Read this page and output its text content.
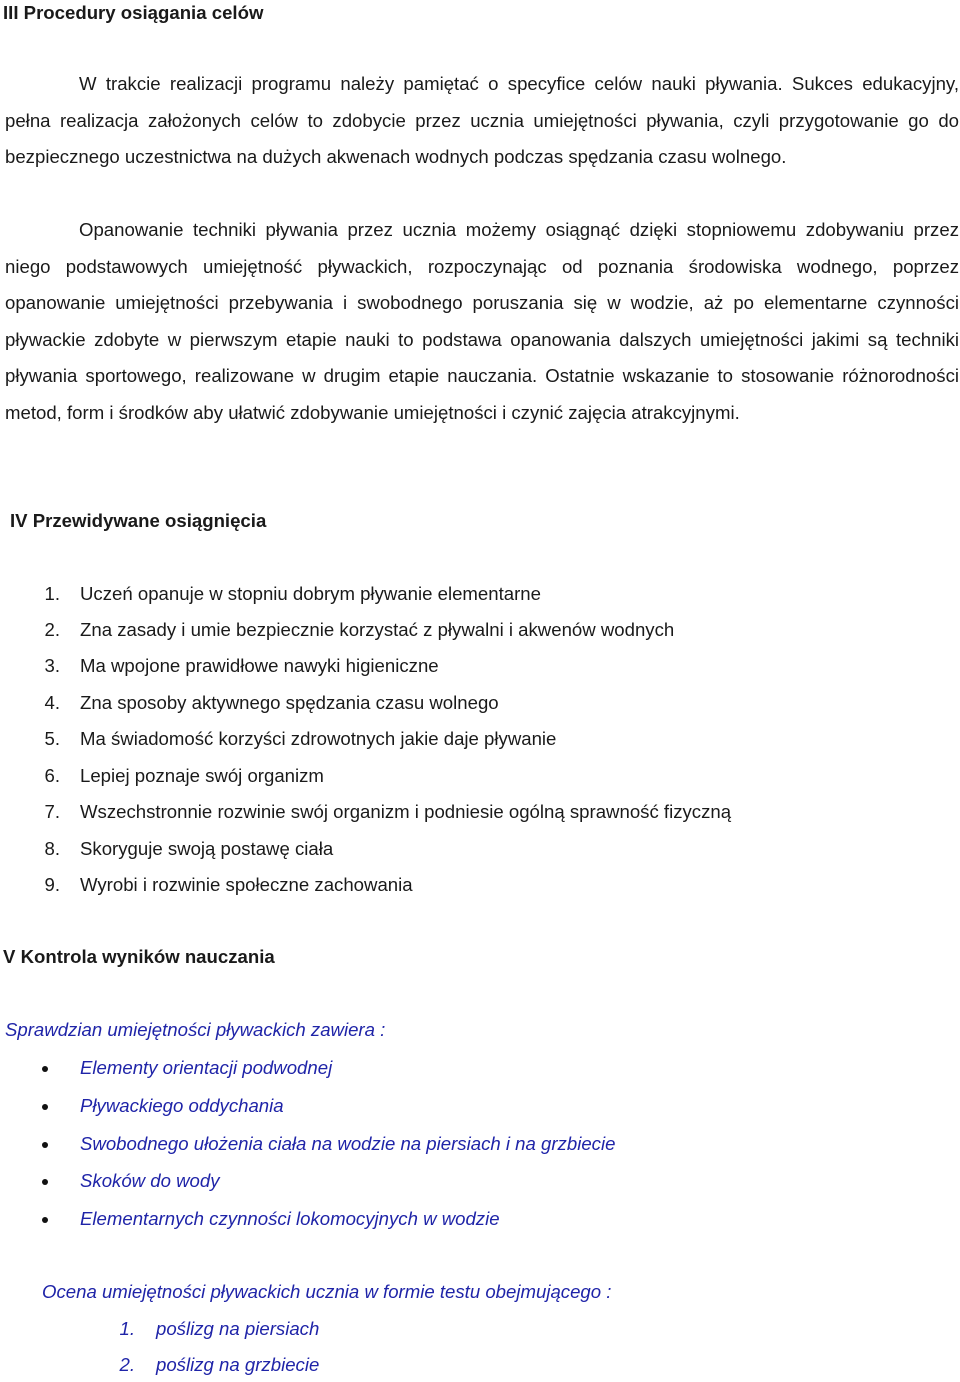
III Procedury osiągania celów

W trakcie realizacji programu należy pamiętać o specyfice celów nauki pływania. Sukces edukacyjny, pełna realizacja założonych celów to zdobycie przez ucznia umiejętności pływania, czyli przygotowanie go do bezpiecznego uczestnictwa na dużych akwenach wodnych podczas spędzania czasu wolnego.

Opanowanie techniki pływania przez ucznia możemy osiągnąć dzięki stopniowemu zdobywaniu przez niego podstawowych umiejętność pływackich, rozpoczynając od poznania środowiska wodnego, poprzez opanowanie umiejętności przebywania i swobodnego poruszania się w wodzie, aż po elementarne czynności pływackie zdobyte w pierwszym etapie nauki to podstawa opanowania dalszych umiejętności jakimi są techniki pływania sportowego, realizowane w drugim etapie nauczania. Ostatnie wskazanie to stosowanie różnorodności metod, form i środków aby ułatwić zdobywanie umiejętności i czynić zajęcia atrakcyjnymi.

IV Przewidywane osiągnięcia
1. Uczeń opanuje w stopniu dobrym pływanie elementarne
2. Zna zasady i umie bezpiecznie korzystać z pływalni i akwenów wodnych
3. Ma wpojone prawidłowe nawyki higieniczne
4. Zna sposoby aktywnego spędzania czasu wolnego
5. Ma świadomość korzyści zdrowotnych jakie daje pływanie
6. Lepiej poznaje swój organizm
7. Wszechstronnie rozwinie swój organizm i podniesie ogólną sprawność fizyczną
8. Skoryguje swoją postawę ciała
9. Wyrobi i rozwinie społeczne zachowania
V Kontrola wyników nauczania
Sprawdzian umiejętności pływackich zawiera :
Elementy orientacji podwodnej
Pływackiego oddychania
Swobodnego ułożenia ciała na wodzie na piersiach i na grzbiecie
Skoków do wody
Elementarnych czynności lokomocyjnych w wodzie
Ocena umiejętności pływackich ucznia w formie testu obejmującego :
1. poślizg na piersiach
2. poślizg na grzbiecie
